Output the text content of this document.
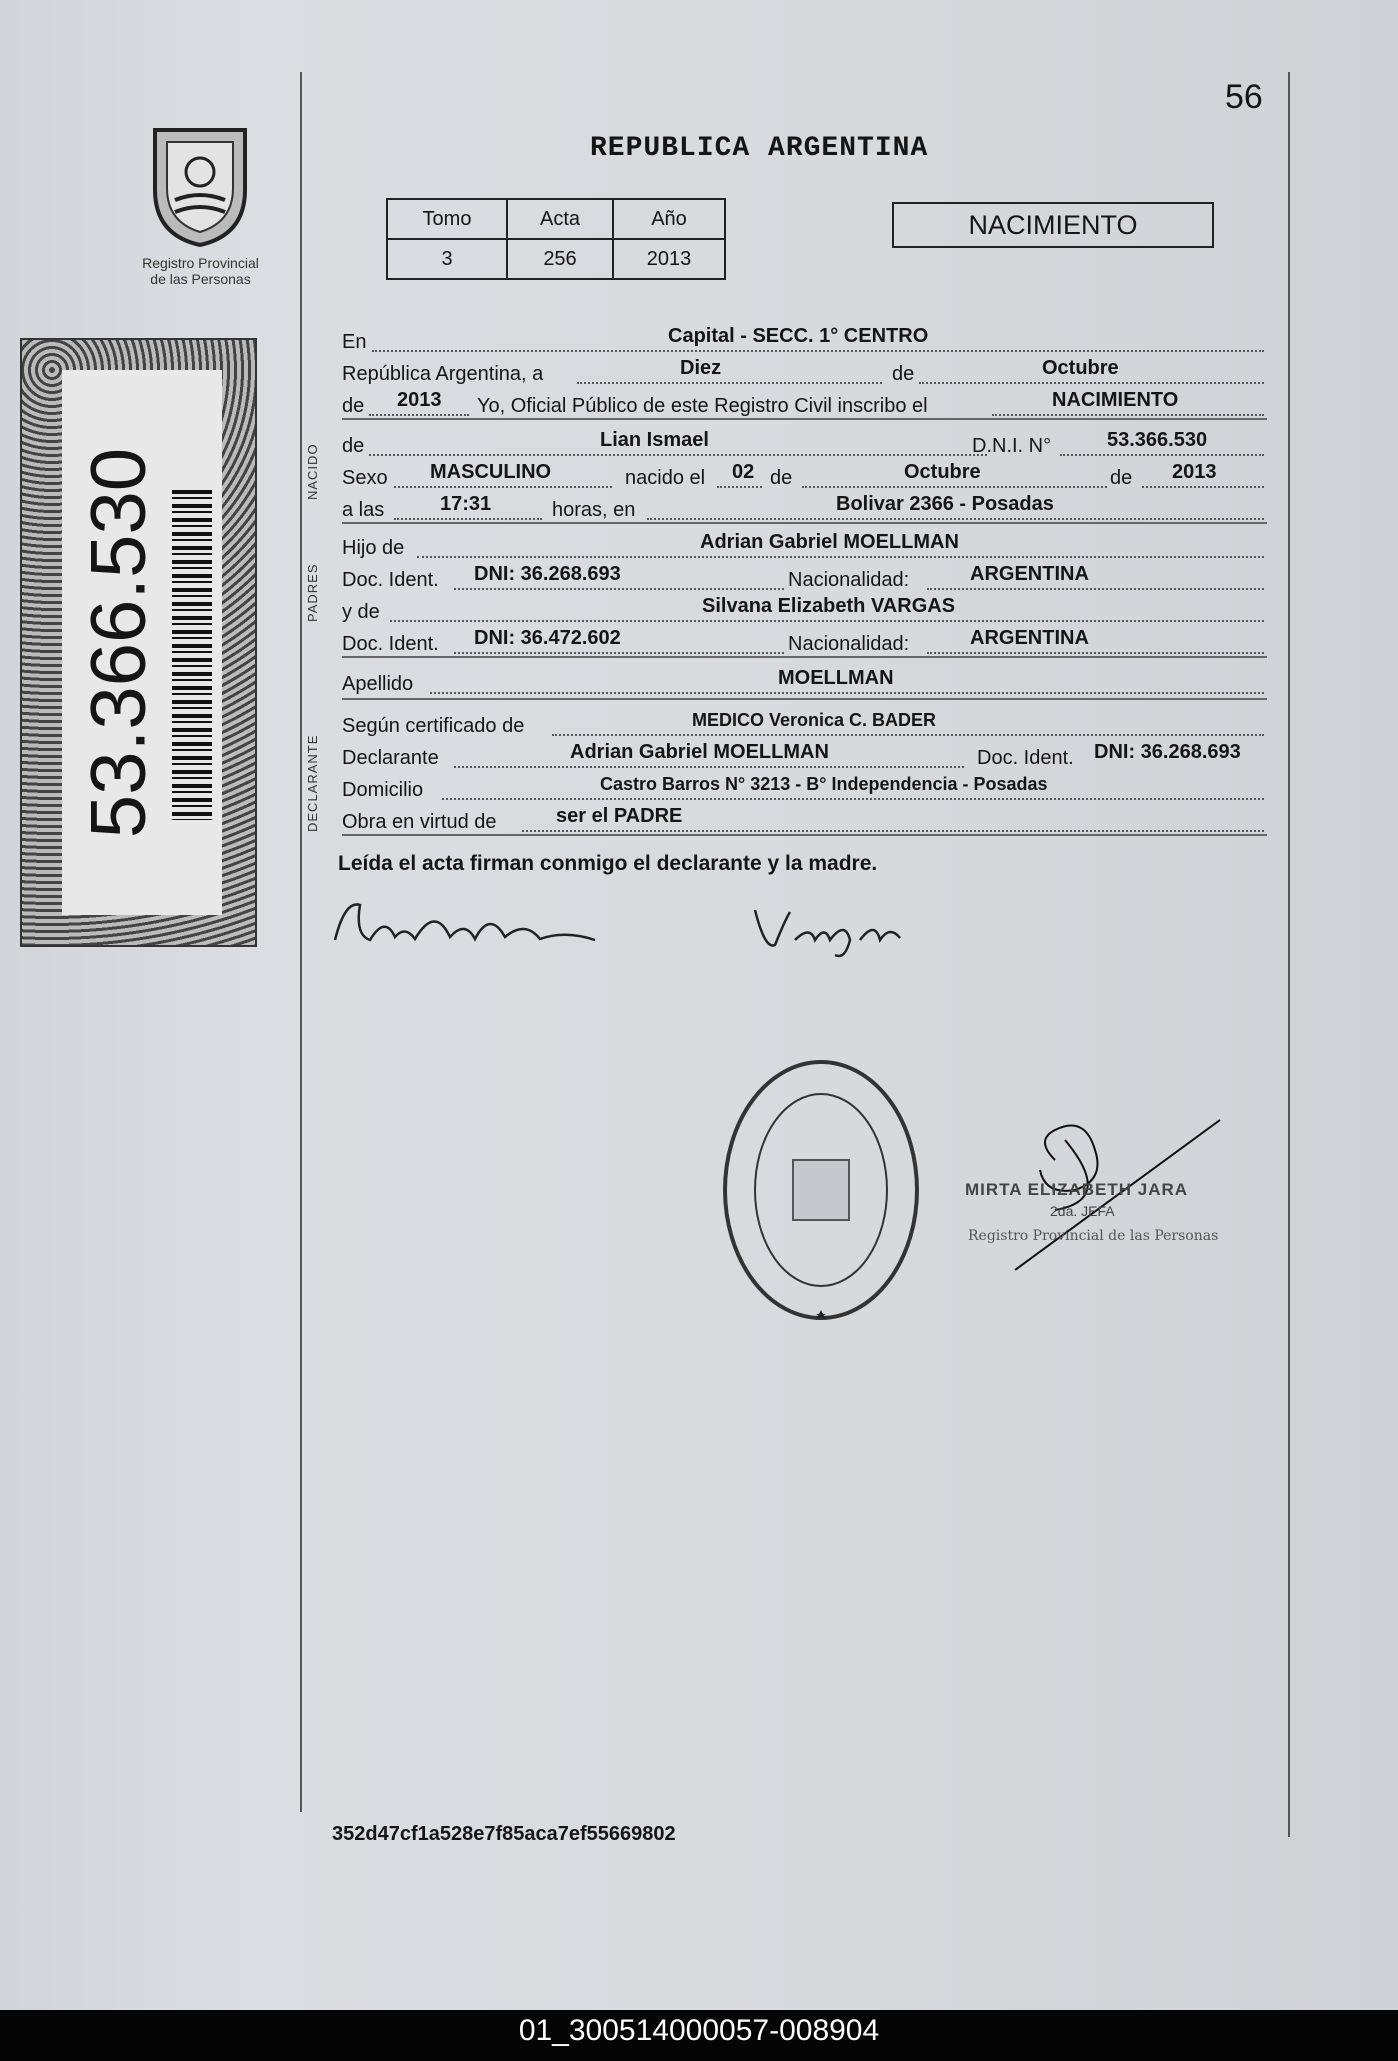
56
Registro Provincial
de las Personas
53.366.530
REPUBLICA ARGENTINA
Tomo	Acta	Año
3	256	2013
NACIMIENTO
En	Capital - SECC. 1° CENTRO
República Argentina, a	Diez	de	Octubre
de 2013 Yo, Oficial Público de este Registro Civil inscribo el	NACIMIENTO
NACIDO de	Lian Ismael	D.N.I. N°	53.366.530
Sexo MASCULINO	nacido el 02 de	Octubre	de 2013
a las	17:31	horas, en	Bolivar 2366 - Posadas
PADRES
Hijo de	Adrian Gabriel MOELLMAN
Doc. Ident. DNI: 36.268.693	Nacionalidad:	ARGENTINA
y de	Silvana Elizabeth VARGAS
Doc. Ident. DNI: 36.472.602	Nacionalidad:	ARGENTINA
Apellido	MOELLMAN
DECLARANTE
Según certificado de	MEDICO Veronica C. BADER
Declarante	Adrian Gabriel MOELLMAN	Doc. Ident. DNI: 36.268.693
Domicilio	Castro Barros N° 3213 - B° Independencia - Posadas
Obra en virtud de	ser el PADRE
Leída el acta firman conmigo el declarante y la madre.
MIRTA ELIZABETH JARA
2da. JEFA
Registro Provincial de las Personas
352d47cf1a528e7f85aca7ef55669802
01_300514000057-008904
